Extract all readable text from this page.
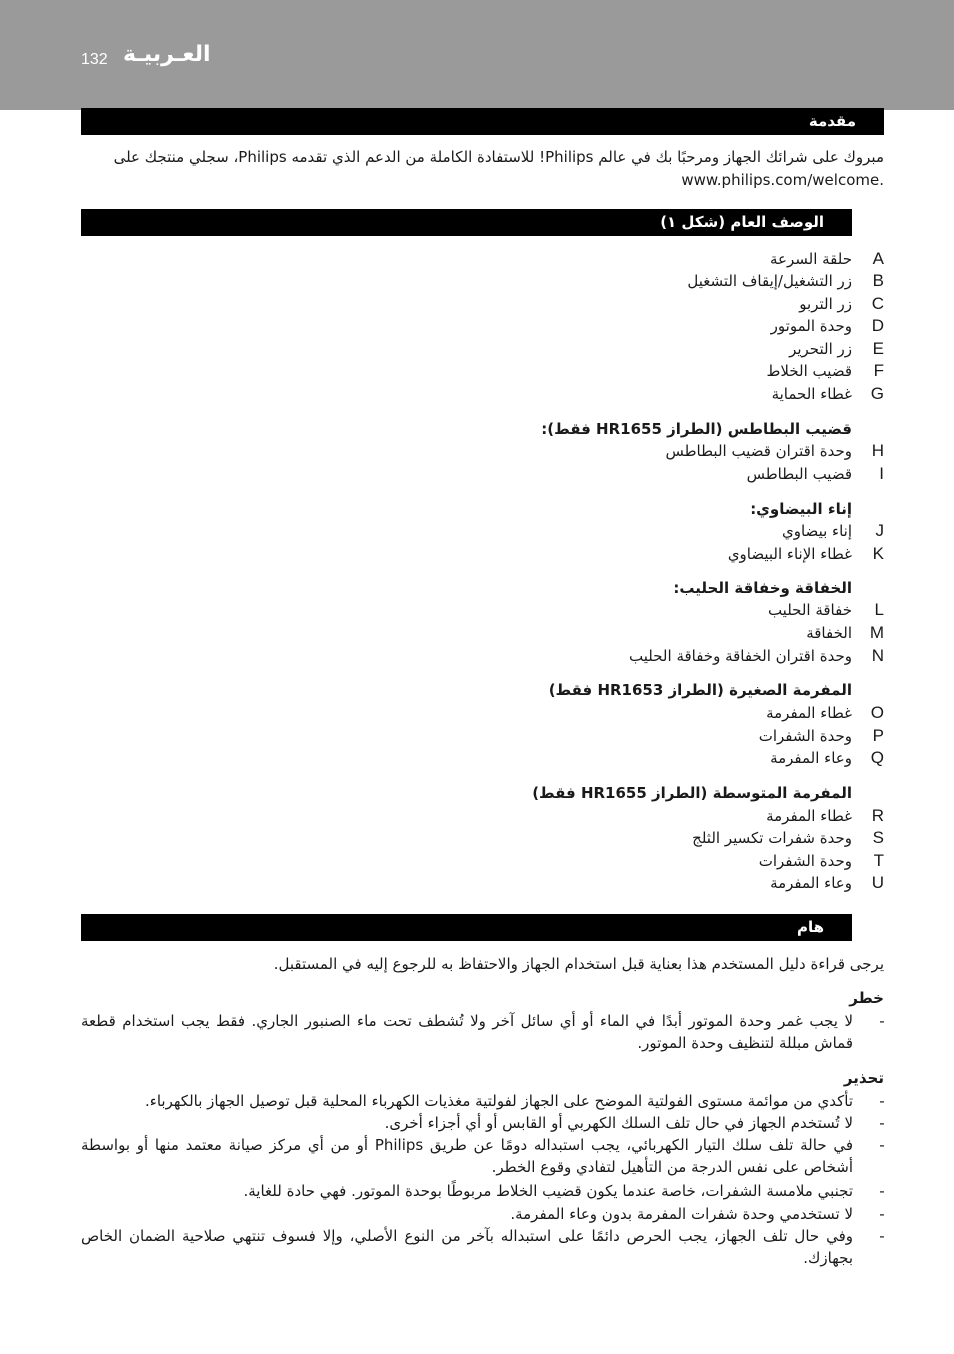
132 العـربيـة
مقدمة
مبروك على شرائك الجهاز ومرحبًا بك في عالم Philips! للاستفادة الكاملة من الدعم الذي تقدمه Philips، سجلي منتجك على
.www.philips.com/welcome
الوصف العام (شكل ١)
A
حلقة السرعة
B
زر التشغيل/إيقاف التشغيل
C
زر التربو
D
وحدة الموتور
E
زر التحرير
F
قضيب الخلاط
G
غطاء الحماية
قضيب البطاطس (الطراز HR1655 فقط):
H
وحدة اقتران قضيب البطاطس
I
قضيب البطاطس
إناء البيضاوي:
J
إناء بيضاوي
K
غطاء الإناء البيضاوي
الخفاقة وخفاقة الحليب:
L
خفاقة الحليب
M
الخفاقة
N
وحدة اقتران الخفاقة وخفاقة الحليب
المفرمة الصغيرة (الطراز HR1653 فقط)
O
غطاء المفرمة
P
وحدة الشفرات
Q
وعاء المفرمة
المفرمة المتوسطة (الطراز HR1655 فقط)
R
غطاء المفرمة
S
وحدة شفرات تكسير الثلج
T
وحدة الشفرات
U
وعاء المفرمة
هام
يرجى قراءة دليل المستخدم هذا بعناية قبل استخدام الجهاز والاحتفاظ به للرجوع إليه في المستقبل.
خطر
-
لا يجب غمر وحدة الموتور أبدًا في الماء أو أي سائل آخر ولا تُشطف تحت ماء الصنبور الجاري. فقط يجب استخدام قطعة قماش مبللة لتنظيف وحدة الموتور.
تحذير
-
تأكدي من موائمة مستوى الفولتية الموضح على الجهاز لفولتية مغذيات الكهرباء المحلية قبل توصيل الجهاز بالكهرباء.
-
لا تُستخدم الجهاز في حال تلف السلك الكهربي أو القابس أو أي أجزاء أخرى.
-
في حالة تلف سلك التيار الكهربائي، يجب استبداله دومًا عن طريق Philips أو من أي مركز صيانة معتمد منها أو بواسطة أشخاص على نفس الدرجة من التأهيل لتفادي وقوع الخطر.
-
تجنبي ملامسة الشفرات، خاصة عندما يكون قضيب الخلاط مربوطًا بوحدة الموتور. فهي حادة للغاية.
-
لا تستخدمي وحدة شفرات المفرمة بدون وعاء المفرمة.
-
وفي حال تلف الجهاز، يجب الحرص دائمًا على استبداله بآخر من النوع الأصلي، وإلا فسوف تنتهي صلاحية الضمان الخاص بجهازك.
